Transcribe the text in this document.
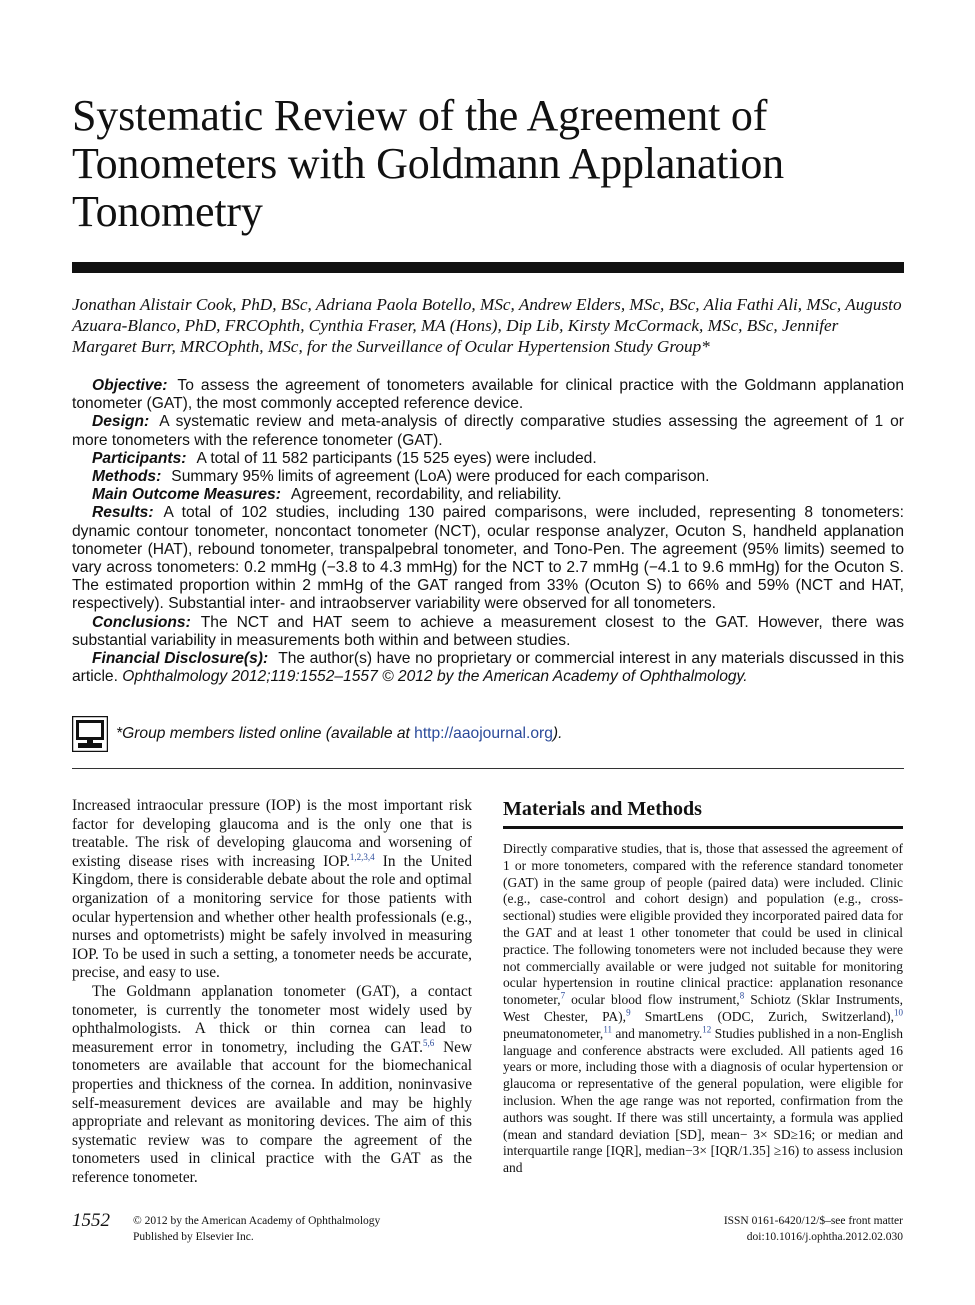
Systematic Review of the Agreement of Tonometers with Goldmann Applanation Tonometry
Jonathan Alistair Cook, PhD, BSc, Adriana Paola Botello, MSc, Andrew Elders, MSc, BSc, Alia Fathi Ali, MSc, Augusto Azuara-Blanco, PhD, FRCOphth, Cynthia Fraser, MA (Hons), Dip Lib, Kirsty McCormack, MSc, BSc, Jennifer Margaret Burr, MRCOphth, MSc, for the Surveillance of Ocular Hypertension Study Group*

Objective: To assess the agreement of tonometers available for clinical practice with the Goldmann applanation tonometer (GAT), the most commonly accepted reference device.

Design: A systematic review and meta-analysis of directly comparative studies assessing the agreement of 1 or more tonometers with the reference tonometer (GAT).

Participants: A total of 11 582 participants (15 525 eyes) were included.

Methods: Summary 95% limits of agreement (LoA) were produced for each comparison.

Main Outcome Measures: Agreement, recordability, and reliability.

Results: A total of 102 studies, including 130 paired comparisons, were included, representing 8 tonometers: dynamic contour tonometer, noncontact tonometer (NCT), ocular response analyzer, Ocuton S, handheld applanation tonometer (HAT), rebound tonometer, transpalpebral tonometer, and Tono-Pen. The agreement (95% limits) seemed to vary across tonometers: 0.2 mmHg (−3.8 to 4.3 mmHg) for the NCT to 2.7 mmHg (−4.1 to 9.6 mmHg) for the Ocuton S. The estimated proportion within 2 mmHg of the GAT ranged from 33% (Ocuton S) to 66% and 59% (NCT and HAT, respectively). Substantial inter- and intraobserver variability were observed for all tonometers.

Conclusions: The NCT and HAT seem to achieve a measurement closest to the GAT. However, there was substantial variability in measurements both within and between studies.

Financial Disclosure(s): The author(s) have no proprietary or commercial interest in any materials discussed in this article. Ophthalmology 2012;119:1552–1557 © 2012 by the American Academy of Ophthalmology.

*Group members listed online (available at http://aaojournal.org).

Increased intraocular pressure (IOP) is the most important risk factor for developing glaucoma and is the only one that is treatable. The risk of developing glaucoma and worsening of existing disease rises with increasing IOP.$^{1,2,3,4}$ In the United Kingdom, there is considerable debate about the role and optimal organization of a monitoring service for those patients with ocular hypertension and whether other health professionals (e.g., nurses and optometrists) might be safely involved in measuring IOP. To be used in such a setting, a tonometer needs be accurate, precise, and easy to use.

The Goldmann applanation tonometer (GAT), a contact tonometer, is currently the tonometer most widely used by ophthalmologists. A thick or thin cornea can lead to measurement error in tonometry, including the GAT.$^{5,6}$ New tonometers are available that account for the biomechanical properties and thickness of the cornea. In addition, noninvasive self-measurement devices are available and may be highly appropriate and relevant as monitoring devices. The aim of this systematic review was to compare the agreement of the tonometers used in clinical practice with the GAT as the reference tonometer.

Materials and Methods

Directly comparative studies, that is, those that assessed the agreement of 1 or more tonometers, compared with the reference standard tonometer (GAT) in the same group of people (paired data) were included. Clinic (e.g., case-control and cohort design) and population (e.g., cross-sectional) studies were eligible provided they incorporated paired data for the GAT and at least 1 other tonometer that could be used in clinical practice. The following tonometers were not included because they were not commercially available or were judged not suitable for monitoring ocular hypertension in routine clinical practice: applanation resonance tonometer,$^7$ ocular blood flow instrument,$^8$ Schiotz (Sklar Instruments, West Chester, PA),$^9$ SmartLens (ODC, Zurich, Switzerland),$^{10}$ pneumatonometer,$^{11}$ and manometry.$^{12}$ Studies published in a non-English language and conference abstracts were excluded. All patients aged 16 years or more, including those with a diagnosis of ocular hypertension or glaucoma or representative of the general population, were eligible for inclusion. When the age range was not reported, confirmation from the authors was sought. If there was still uncertainty, a formula was applied (mean and standard deviation [SD], mean− 3× SD≥16; or median and interquartile range [IQR], median−3× [IQR/1.35] ≥16) to assess inclusion and

1552 © 2012 by the American Academy of Ophthalmology
Published by Elsevier Inc.
ISSN 0161-6420/12/$–see front matter
doi:10.1016/j.ophtha.2012.02.030
